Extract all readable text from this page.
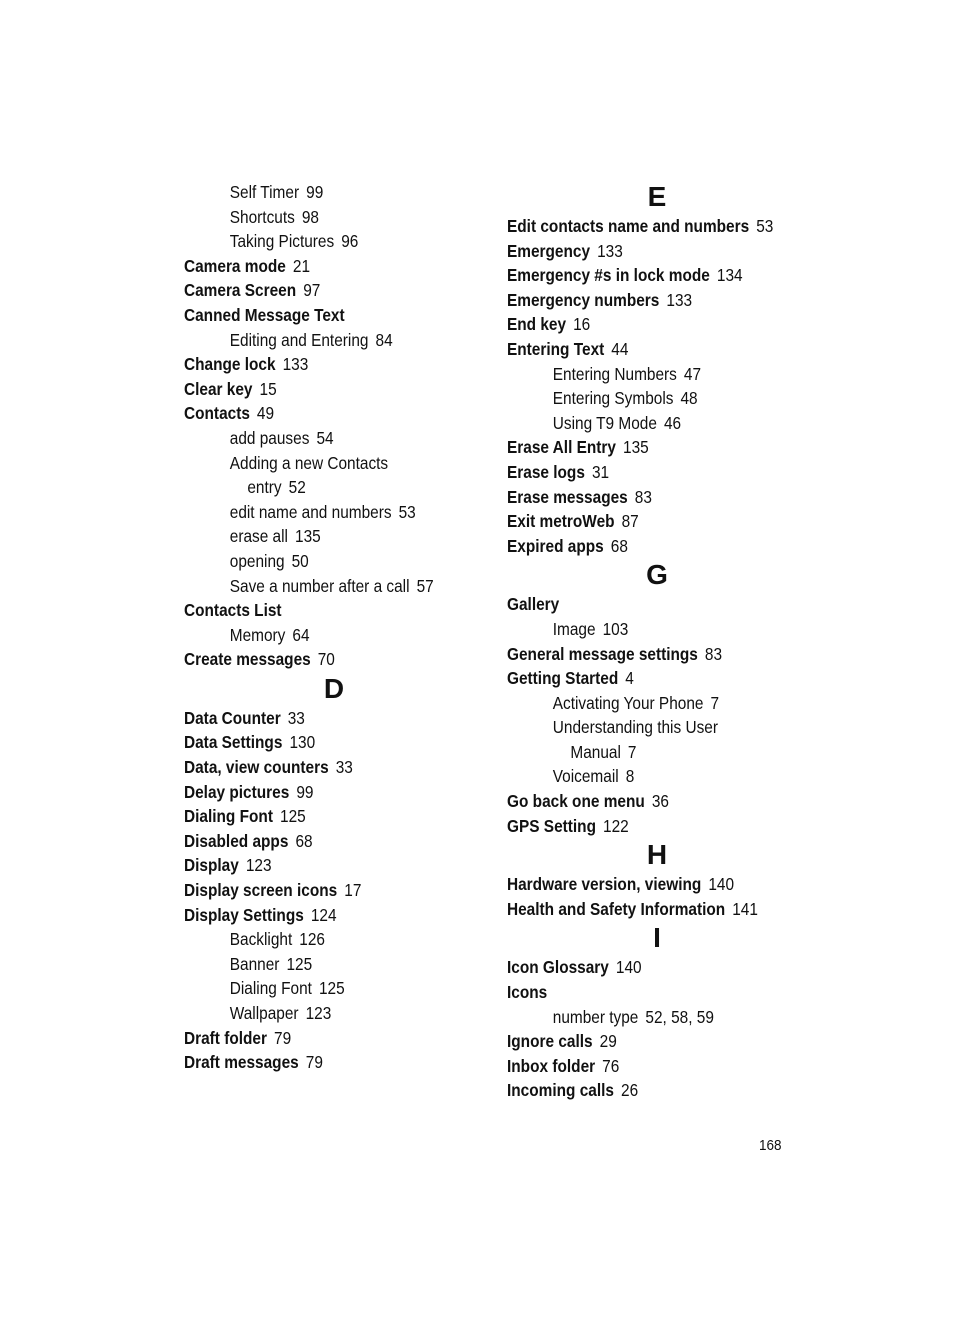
Self Timer 99
Shortcuts 98
Taking Pictures 96
Camera mode 21
Camera Screen 97
Canned Message Text
Editing and Entering 84
Change lock 133
Clear key 15
Contacts 49
add pauses 54
Adding a new Contacts
entry 52
edit name and numbers 53
erase all 135
opening 50
Save a number after a call 57
Contacts List
Memory 64
Create messages 70
D
Data Counter 33
Data Settings 130
Data, view counters 33
Delay pictures 99
Dialing Font 125
Disabled apps 68
Display 123
Display screen icons 17
Display Settings 124
Backlight 126
Banner 125
Dialing Font 125
Wallpaper 123
Draft folder 79
Draft messages 79
E
Edit contacts name and numbers 53
Emergency 133
Emergency #s in lock mode 134
Emergency numbers 133
End key 16
Entering Text 44
Entering Numbers 47
Entering Symbols 48
Using T9 Mode 46
Erase All Entry 135
Erase logs 31
Erase messages 83
Exit metroWeb 87
Expired apps 68
G
Gallery
Image 103
General message settings 83
Getting Started 4
Activating Your Phone 7
Understanding this User
Manual 7
Voicemail 8
Go back one menu 36
GPS Setting 122
H
Hardware version, viewing 140
Health and Safety Information 141
I
Icon Glossary 140
Icons
number type 52, 58, 59
Ignore calls 29
Inbox folder 76
Incoming calls 26
168
